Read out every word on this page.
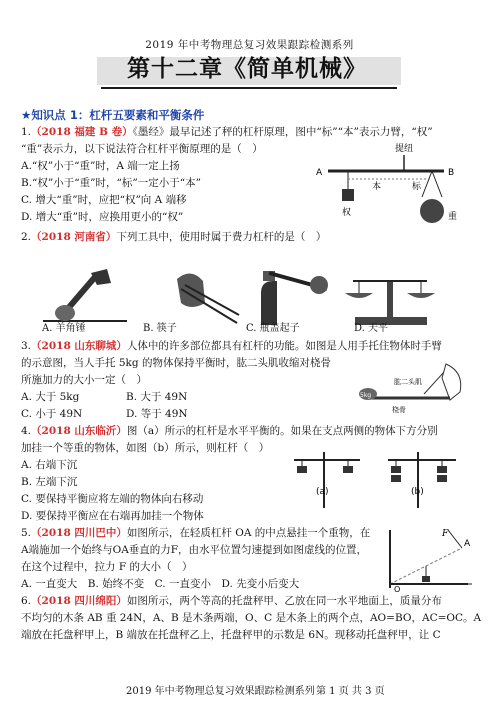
2019 年中考物理总复习效果跟踪检测系列
第十二章《简单机械》
★知识点 1：杠杆五要素和平衡条件
1.（2018 福建 B 卷）《墨经》最早记述了秤的杠杆原理，图中“标”“本”表示力臂，“权”
“重”表示力，以下说法符合杠杆平衡原理的是（　）
A.“权”小于“重”时，A 端一定上扬
B.“权”小于“重”时，“标”一定小于“本”
C. 增大“重”时，应把“权”向 A 端移
D. 增大“重”时，应换用更小的“权”
提纽
A	B
本	标
权	重
2.（2018 河南省）下列工具中，使用时属于费力杠杆的是（　）
A. 羊角锤	B. 筷子	C. 瓶盖起子	D. 天平
3.（2018 山东聊城）人体中的许多部位都具有杠杆的功能。如图是人用手托住物体时手臂
的示意图，当人手托 5kg 的物体保持平衡时，肱二头肌收缩对桡骨
所施加力的大小一定（　）
A. 大于 5kg	B. 大于 49N
C. 小于 49N	D. 等于 49N
5kg
肱二头肌
桡骨
4.（2018 山东临沂）图（a）所示的杠杆是水平平衡的。如果在支点两侧的物体下方分别
加挂一个等重的物体，如图（b）所示，则杠杆（　）
A. 右端下沉
B. 左端下沉
C. 要保持平衡应将左端的物体向右移动
D. 要保持平衡应在右端再加挂一个物体
(a)	(b)
5.（2018 四川巴中）如图所示，在轻质杠杆 OA 的中点悬挂一个重物，在
A端施加一个始终与OA垂直的力F，由水平位置匀速提到如图虚线的位置，
在这个过程中，拉力 F 的大小（　）
A. 一直变大　B. 始终不变　C. 一直变小　D. 先变小后变大
F
A
O
6.（2018 四川绵阳）如图所示，两个等高的托盘秤甲、乙放在同一水平地面上，质量分布
不均匀的木条 AB 重 24N，A、B 是木条两端，O、C 是木条上的两个点，AO=BO，AC=OC。A
端放在托盘秤甲上，B 端放在托盘秤乙上，托盘秤甲的示数是 6N。现移动托盘秤甲，让 C
2019 年中考物理总复习效果跟踪检测系列 第 1 页 共 3 页
